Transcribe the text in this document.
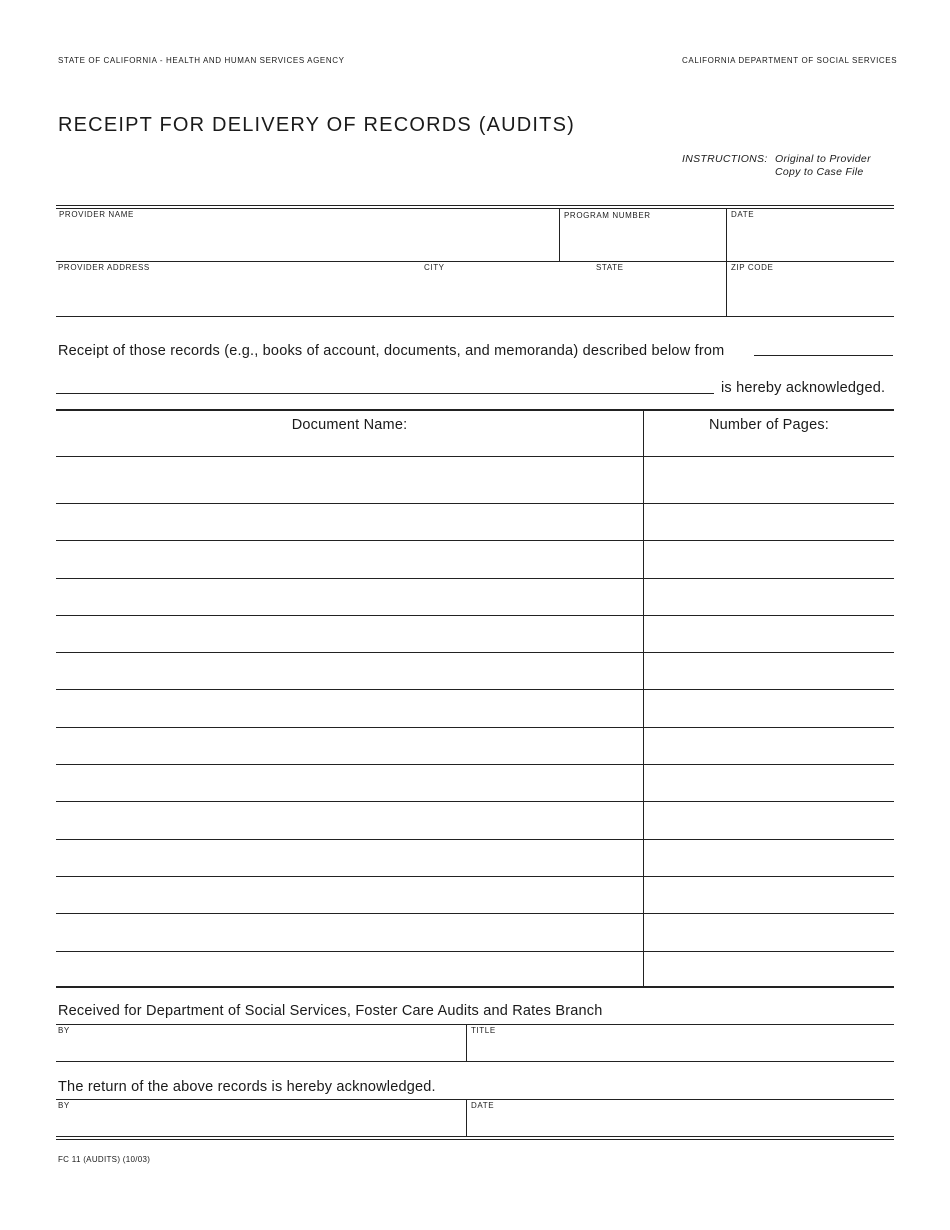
STATE OF CALIFORNIA - HEALTH AND HUMAN SERVICES AGENCY	CALIFORNIA DEPARTMENT OF SOCIAL SERVICES
RECEIPT FOR DELIVERY OF RECORDS (AUDITS)
INSTRUCTIONS: Original to Provider
Copy to Case File
PROVIDER NAME	PROGRAM NUMBER	DATE
PROVIDER ADDRESS	CITY	STATE	ZIP CODE
Receipt of those records (e.g., books of account, documents, and memoranda) described below from
is hereby acknowledged.
Document Name:	Number of Pages:
Received for Department of Social Services, Foster Care Audits and Rates Branch
BY	TITLE
The return of the above records is hereby acknowledged.
BY	DATE
FC 11 (AUDITS) (10/03)
